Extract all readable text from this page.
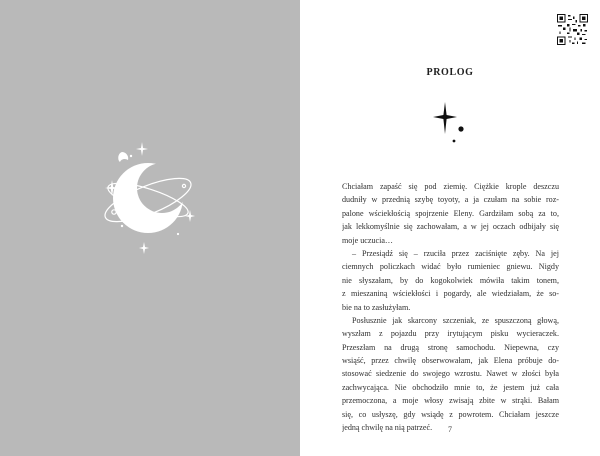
PROLOG
Chciałam zapaść się pod ziemię. Ciężkie krople deszczu
dudniły w przednią szybę toyoty, a ja czułam na sobie roz-
palone wściekłością spojrzenie Eleny. Gardziłam sobą za to,
jak lekkomyślnie się zachowałam, a w jej oczach odbijały się
moje uczucia…
– Przesiądź się – rzuciła przez zaciśnięte zęby. Na jej
ciemnych policzkach widać było rumieniec gniewu. Nigdy
nie słyszałam, by do kogokolwiek mówiła takim tonem,
z mieszaniną wściekłości i pogardy, ale wiedziałam, że so-
bie na to zasłużyłam.
Posłusznie jak skarcony szczeniak, ze spuszczoną głową,
wyszłam z pojazdu przy irytującym pisku wycieraczek.
Przeszłam na drugą stronę samochodu. Niepewna, czy
wsiąść, przez chwilę obserwowałam, jak Elena próbuje do-
stosować siedzenie do swojego wzrostu. Nawet w złości była
zachwycająca. Nie obchodziło mnie to, że jestem już cała
przemoczona, a moje włosy zwisają zbite w strąki. Bałam
się, co usłyszę, gdy wsiądę z powrotem. Chciałam jeszcze
jedną chwilę na nią patrzeć.	7
